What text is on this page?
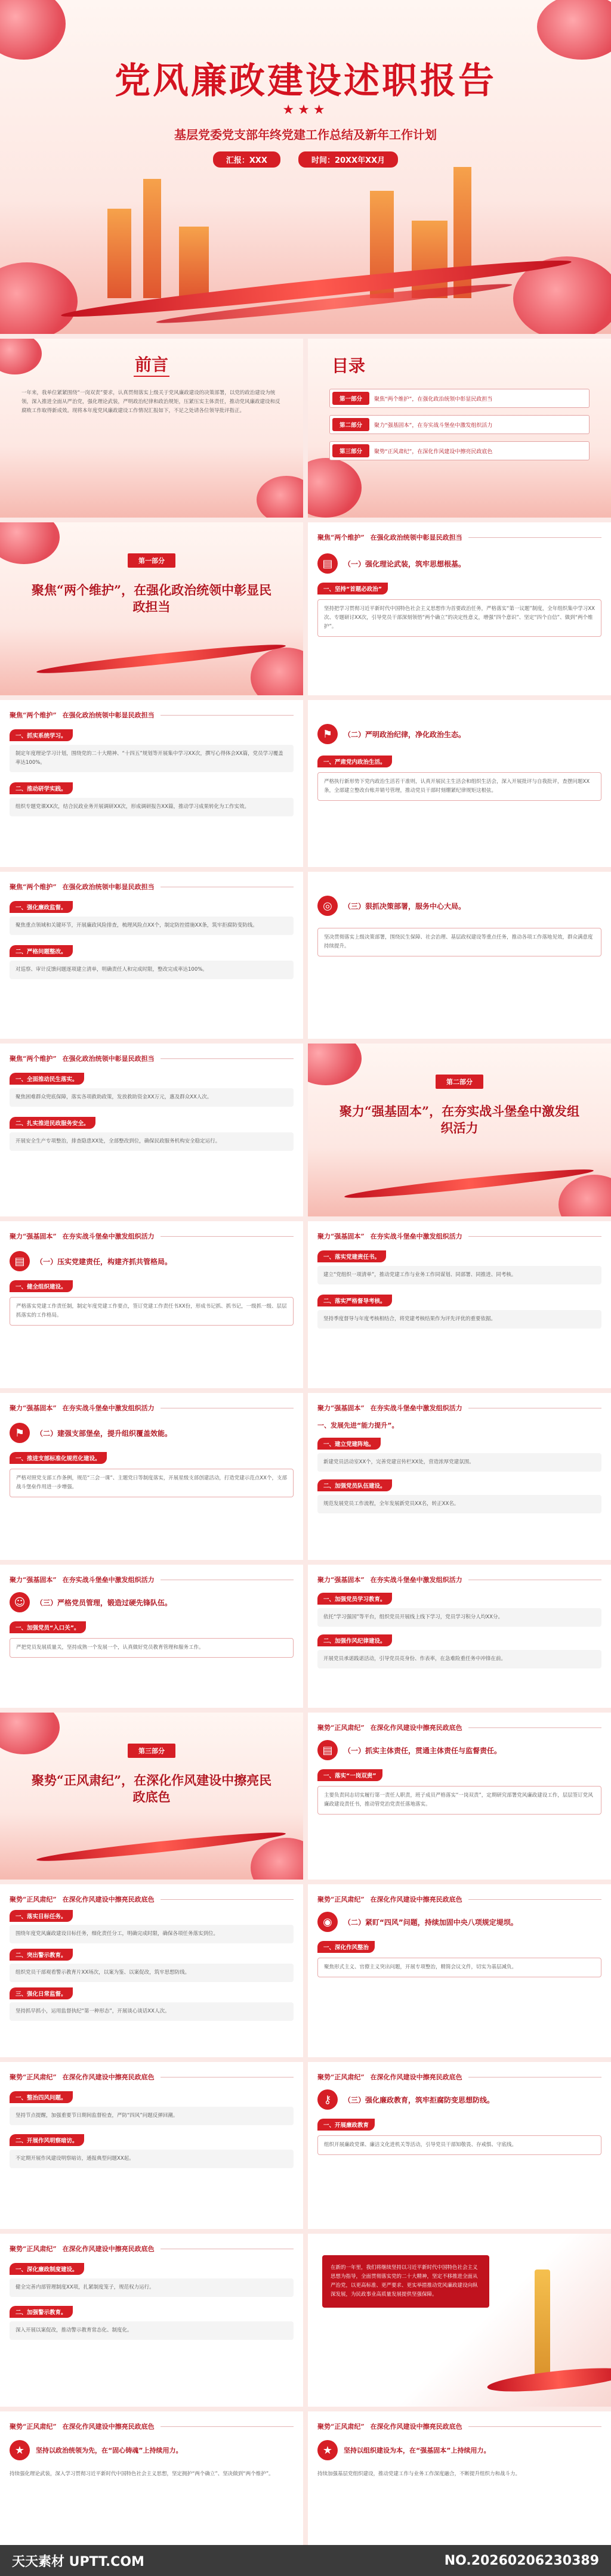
党风廉政建设述职报告
★★★
基层党委党支部年终党建工作总结及新年工作计划
汇报：XXX	时间：20XX年XX月
前言
一年来，我单位紧紧围绕“一岗双责”要求，认真贯彻落实上级关于党风廉政建设的决策部署，以党的政治建设为统领，深入推进全面从严治党，强化理论武装，严明政治纪律和政治规矩，压紧压实主体责任，推动党风廉政建设和反腐败工作取得新成效。现将本年度党风廉政建设工作情况汇报如下，不足之处请各位领导批评指正。
目录
第一部分	聚焦“两个维护”，在强化政治统领中彰显民政担当
第二部分	聚力“强基固本”，在夯实战斗堡垒中激发组织活力
第三部分	聚势“正风肃纪”，在深化作风建设中擦亮民政底色
第一部分
聚焦“两个维护”，在强化政治统领中彰显民政担当
聚焦“两个维护” 在强化政治统领中彰显民政担当
▤	（一）强化理论武装，筑牢思想根基。
一、坚持“首题必政治”
坚持把学习贯彻习近平新时代中国特色社会主义思想作为首要政治任务，严格落实“第一议题”制度，全年组织集中学习XX次、专题研讨XX次，引导党员干部深刻领悟“两个确立”的决定性意义，增强“四个意识”、坚定“四个自信”、做到“两个维护”。
聚焦“两个维护” 在强化政治统领中彰显民政担当
一、抓实系统学习。
制定年度理论学习计划，围绕党的二十大精神、“十四五”规划等开展集中学习XX次，撰写心得体会XX篇，党员学习覆盖率达100%。
二、推动研学实践。
组织专题党课XX次，结合民政业务开展调研XX次，形成调研报告XX篇，推动学习成果转化为工作实效。
⚑	（二）严明政治纪律，净化政治生态。
一、严肃党内政治生活。
严格执行新形势下党内政治生活若干准则，认真开展民主生活会和组织生活会，深入开展批评与自我批评，查摆问题XX条，全部建立整改台账并销号管理，推动党员干部时刻绷紧纪律规矩这根弦。
聚焦“两个维护” 在强化政治统领中彰显民政担当
一、强化廉政监督。
聚焦重点领域和关键环节，开展廉政风险排查，梳理风险点XX个，制定防控措施XX条，筑牢拒腐防变防线。
二、严格问题整改。
对巡察、审计反馈问题逐项建立清单，明确责任人和完成时限，整改完成率达100%。
◎	（三）狠抓决策部署，服务中心大局。
坚决贯彻落实上级决策部署，围绕民生保障、社会治理、基层政权建设等重点任务，推动各项工作落地见效，群众满意度持续提升。
聚焦“两个维护” 在强化政治统领中彰显民政担当
一、全面推动民生落实。
聚焦困难群众兜底保障，落实各项救助政策，发放救助资金XX万元，惠及群众XX人次。
二、扎实推进民政服务安全。
开展安全生产专项整治，排查隐患XX处，全部整改到位，确保民政服务机构安全稳定运行。
第二部分
聚力“强基固本”，在夯实战斗堡垒中激发组织活力
聚力“强基固本” 在夯实战斗堡垒中激发组织活力
▤	（一）压实党建责任，构建齐抓共管格局。
一、健全组织建设。
严格落实党建工作责任制，制定年度党建工作要点，签订党建工作责任书XX份，形成书记抓、抓书记，一级抓一级、层层抓落实的工作格局。
聚力“强基固本” 在夯实战斗堡垒中激发组织活力
一、落实党建责任书。
建立“党组织一项清单”，推动党建工作与业务工作同谋划、同部署、同推进、同考核。
二、落实严格督导考核。
坚持季度督导与年度考核相结合，将党建考核结果作为评先评优的重要依据。
聚力“强基固本” 在夯实战斗堡垒中激发组织活力
⚑	（二）建强支部堡垒，提升组织覆盖效能。
一、推进支部标准化规范化建设。
严格对照党支部工作条例，规范“三会一课”、主题党日等制度落实，开展星级支部创建活动，打造党建示范点XX个，支部战斗堡垒作用进一步增强。
聚力“强基固本” 在夯实战斗堡垒中激发组织活力
一、发展先进“能力提升”。
一、建立党建阵地。
新建党员活动室XX个，完善党建宣传栏XX处，营造浓厚党建氛围。
二、加强党员队伍建设。
规范发展党员工作流程，全年发展新党员XX名，转正XX名。
聚力“强基固本” 在夯实战斗堡垒中激发组织活力
☺	（三）严格党员管理，锻造过硬先锋队伍。
一、加强党员“入口关”。
严把党员发展质量关，坚持成熟一个发展一个，认真做好党员教育管理和服务工作。
聚力“强基固本” 在夯实战斗堡垒中激发组织活力
一、加强党员学习教育。
依托“学习强国”等平台，组织党员开展线上线下学习，党员学习积分人均XX分。
二、加强作风纪律建设。
开展党员承诺践诺活动，引导党员亮身份、作表率，在急难险重任务中冲锋在前。
第三部分
聚势“正风肃纪”，在深化作风建设中擦亮民政底色
聚势“正风肃纪” 在深化作风建设中擦亮民政底色
▤	（一）抓实主体责任，贯通主体责任与监督责任。
一、落实“一岗双责”
主要负责同志切实履行第一责任人职责，班子成员严格落实“一岗双责”，定期研究部署党风廉政建设工作，层层签订党风廉政建设责任书，推动管党治党责任落地落实。
聚势“正风肃纪” 在深化作风建设中擦亮民政底色
一、落实目标任务。
围绕年度党风廉政建设目标任务，细化责任分工，明确完成时限，确保各项任务落实到位。
二、突出警示教育。
组织党员干部观看警示教育片XX场次，以案为鉴、以案促改，筑牢思想防线。
三、强化日常监督。
坚持抓早抓小，运用监督执纪“第一种形态”，开展谈心谈话XX人次。
聚势“正风肃纪” 在深化作风建设中擦亮民政底色
◉	（二）紧盯“四风”问题，持续加固中央八项规定堤坝。
一、深化作风整治
聚焦形式主义、官僚主义突出问题，开展专项整治，精简会议文件，切实为基层减负。
聚势“正风肃纪” 在深化作风建设中擦亮民政底色
一、整治四风问题。
坚持节点提醒，加强重要节日期间监督检查，严防“四风”问题反弹回潮。
二、开展作风明察暗访。
不定期开展作风建设明察暗访，通报典型问题XX起。
聚势“正风肃纪” 在深化作风建设中擦亮民政底色
⚷	（三）强化廉政教育，筑牢拒腐防变思想防线。
一、开展廉政教育
组织开展廉政党课、廉洁文化进机关等活动，引导党员干部知敬畏、存戒惧、守底线。
聚势“正风肃纪” 在深化作风建设中擦亮民政底色
一、深化廉政制度建设。
健全完善内部管理制度XX项，扎紧制度笼子，规范权力运行。
二、加强警示教育。
深入开展以案促改，推动警示教育常态化、制度化。
在新的一年里，我们将继续坚持以习近平新时代中国特色社会主义思想为指导，全面贯彻落实党的二十大精神，坚定不移推进全面从严治党，以更高标准、更严要求、更实举措推动党风廉政建设向纵深发展，为民政事业高质量发展提供坚强保障。
聚势“正风肃纪” 在深化作风建设中擦亮民政底色
★	坚持以政治统领为先，在“固心铸魂”上持续用力。
持续强化理论武装，深入学习贯彻习近平新时代中国特色社会主义思想，坚定拥护“两个确立”、坚决做到“两个维护”。
聚势“正风肃纪” 在深化作风建设中擦亮民政底色
★	坚持以组织建设为本，在“强基固本”上持续用力。
持续加强基层党组织建设，推动党建工作与业务工作深度融合，不断提升组织力和战斗力。
天天素材 UPTT.COM	NO.20260206230389
